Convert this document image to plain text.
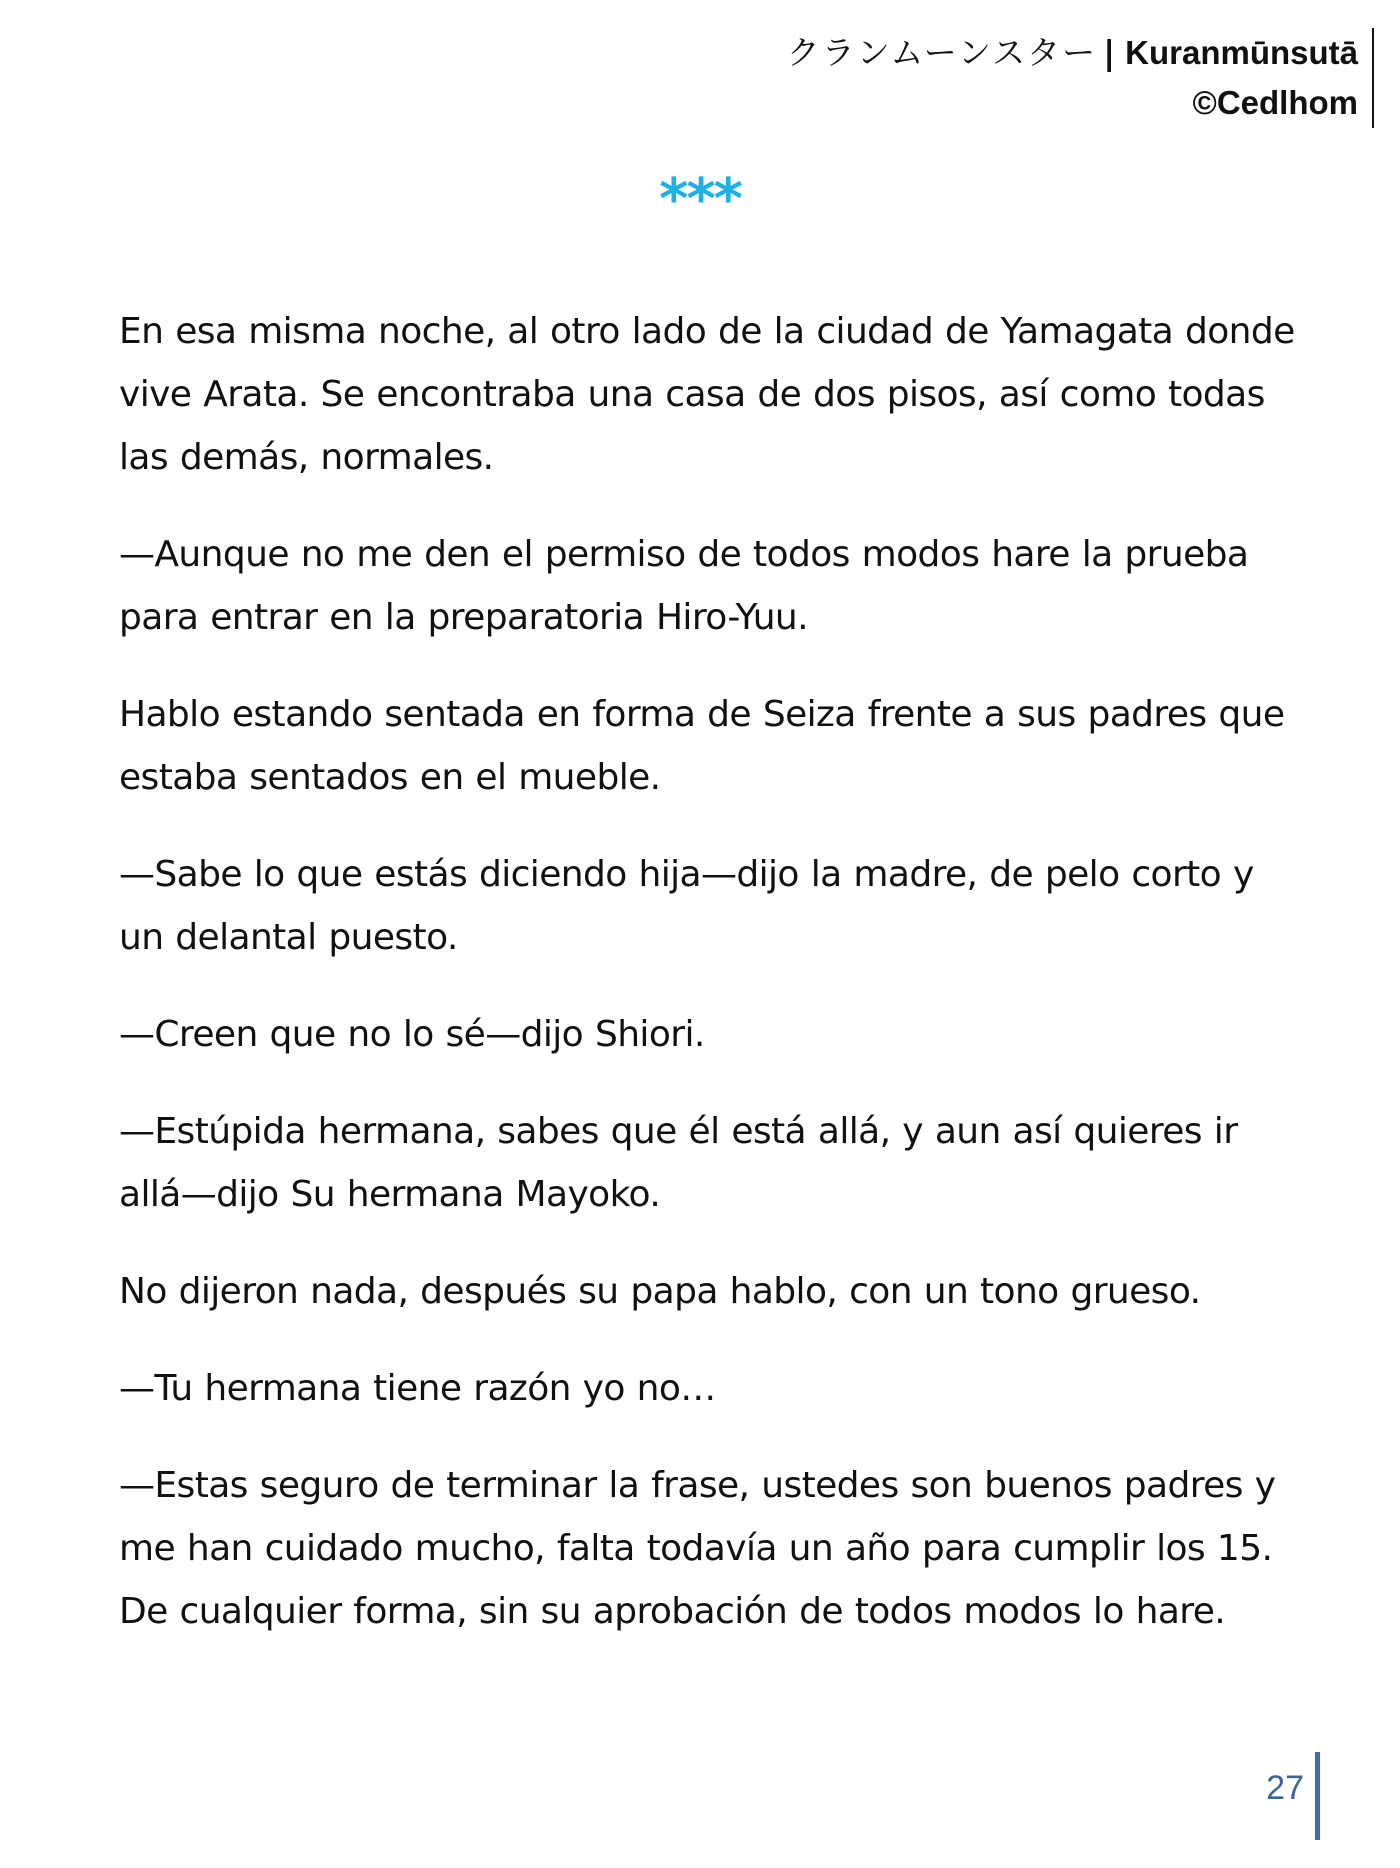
クランムーンスター | Kuranmūnsutā
©Cedlhom
***

En esa misma noche, al otro lado de la ciudad de Yamagata donde vive Arata. Se encontraba una casa de dos pisos, así como todas las demás, normales.

—Aunque no me den el permiso de todos modos hare la prueba para entrar en la preparatoria Hiro-Yuu.

Hablo estando sentada en forma de Seiza frente a sus padres que estaba sentados en el mueble.

—Sabe lo que estás diciendo hija—dijo la madre, de pelo corto y un delantal puesto.

—Creen que no lo sé—dijo Shiori.

—Estúpida hermana, sabes que él está allá, y aun así quieres ir allá—dijo Su hermana Mayoko.

No dijeron nada, después su papa hablo, con un tono grueso.

—Tu hermana tiene razón yo no…

—Estas seguro de terminar la frase, ustedes son buenos padres y me han cuidado mucho, falta todavía un año para cumplir los 15. De cualquier forma, sin su aprobación de todos modos lo hare.

27
